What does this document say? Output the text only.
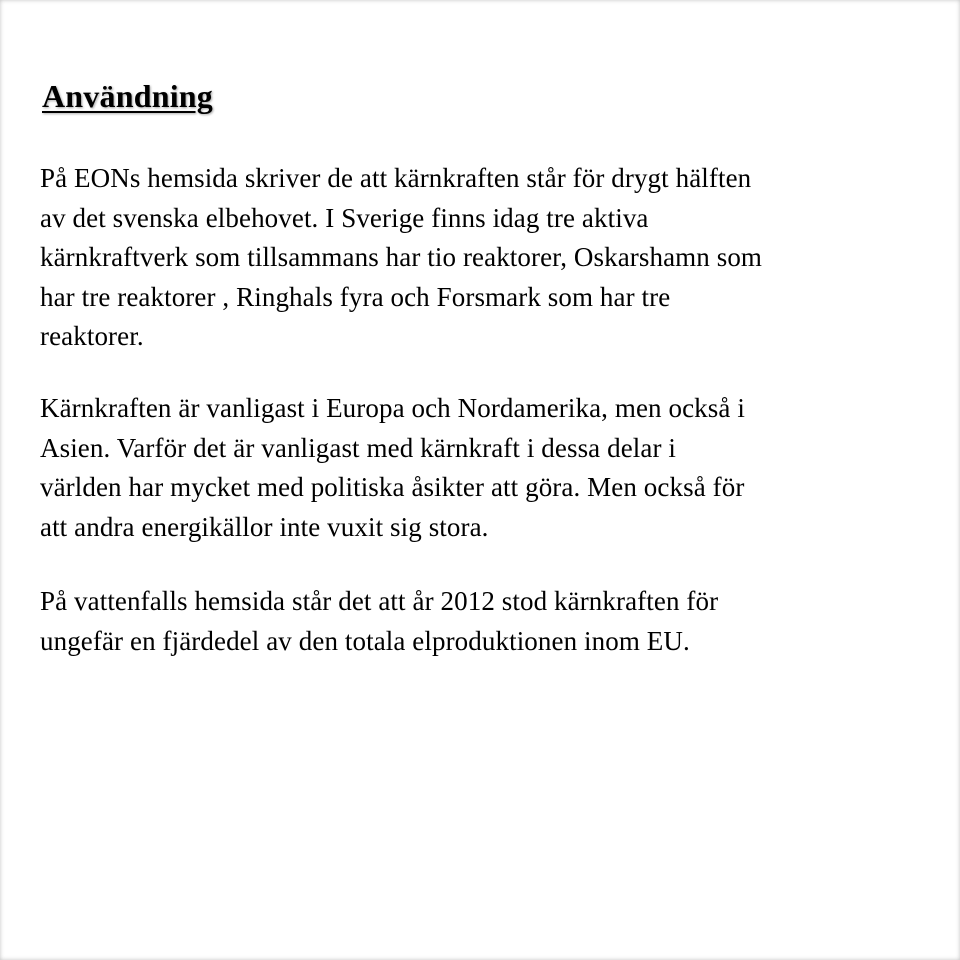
Användning

På EONs hemsida skriver de att kärnkraften står för drygt hälften
av det svenska elbehovet. I Sverige finns idag tre aktiva
kärnkraftverk som tillsammans har tio reaktorer, Oskarshamn som
har tre reaktorer , Ringhals fyra och Forsmark som har tre
reaktorer.

Kärnkraften är vanligast i Europa och Nordamerika, men också i
Asien. Varför det är vanligast med kärnkraft i dessa delar i
världen har mycket med politiska åsikter att göra. Men också för
att andra energikällor inte vuxit sig stora.

På vattenfalls hemsida står det att år 2012 stod kärnkraften för
ungefär en fjärdedel av den totala elproduktionen inom EU.
